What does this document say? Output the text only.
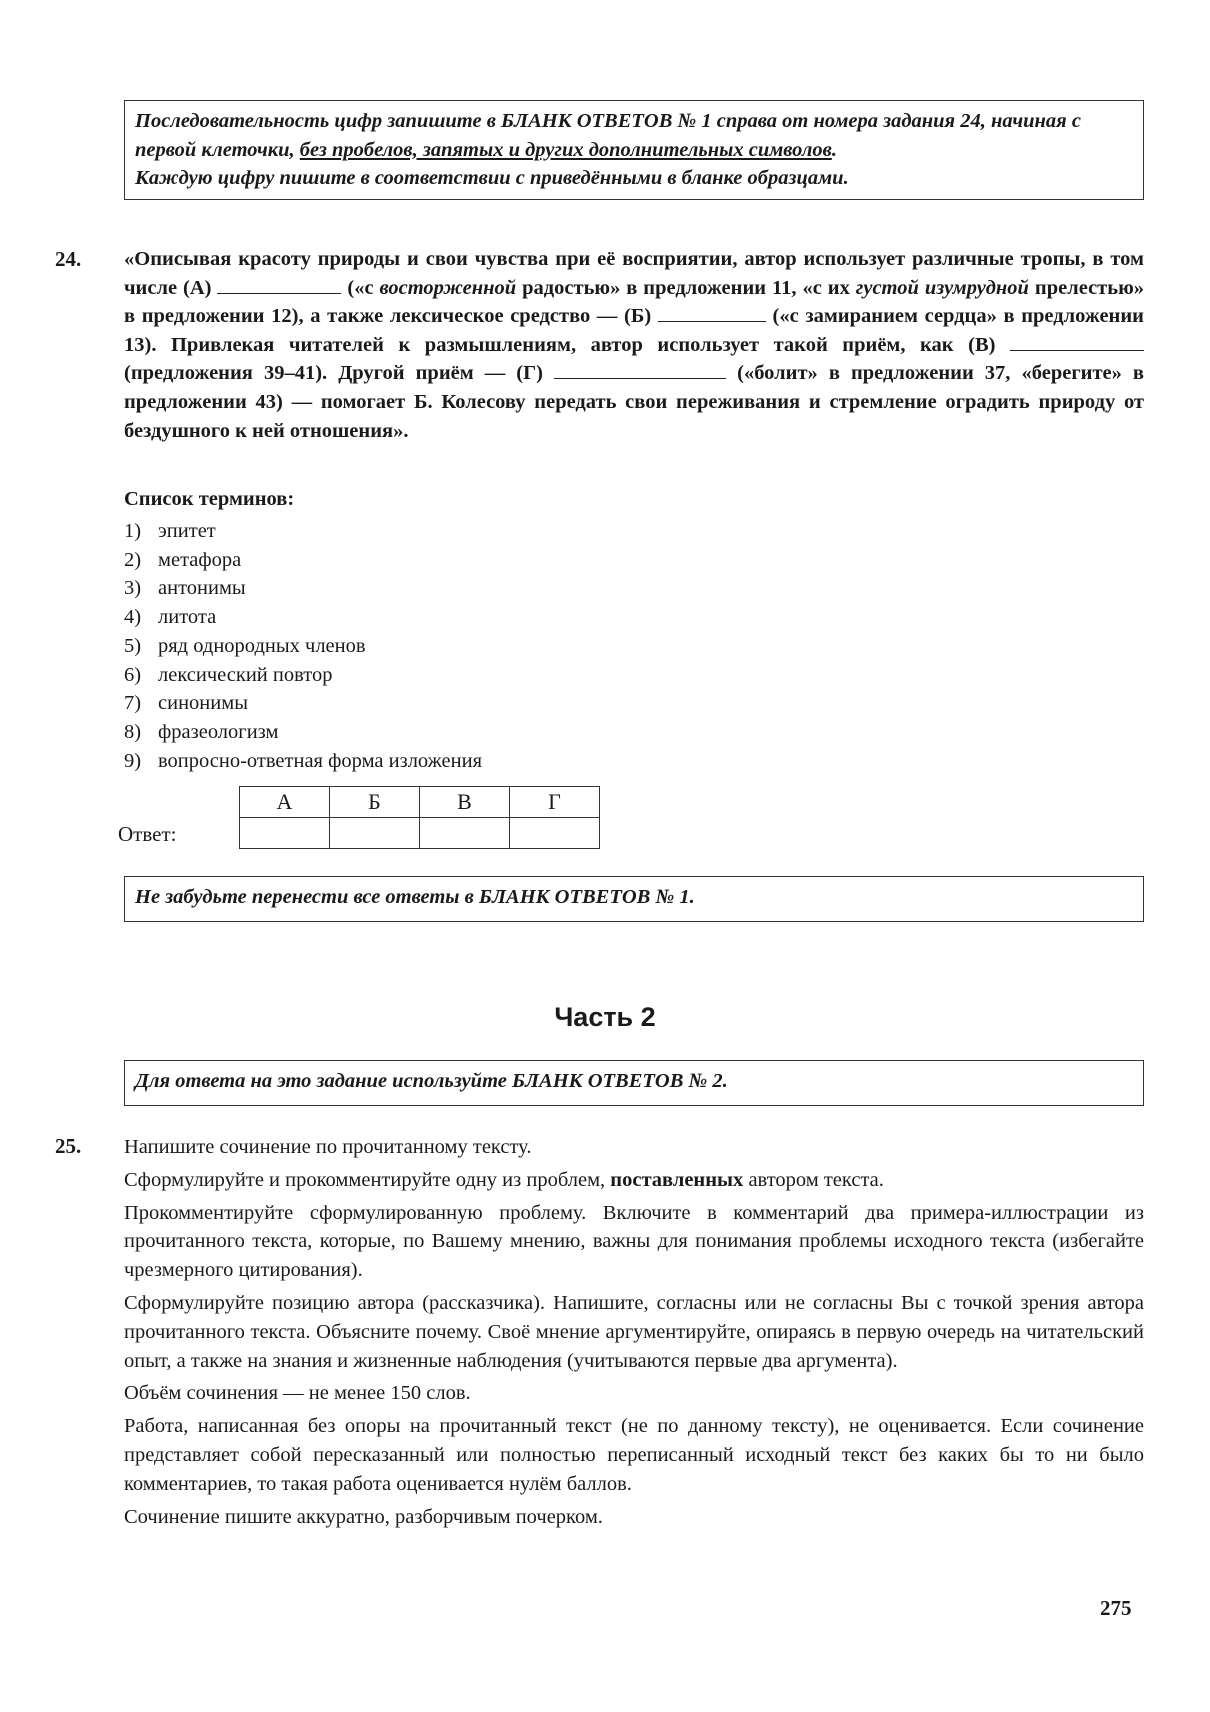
Последовательность цифр запишите в БЛАНК ОТВЕТОВ № 1 справа от номера задания 24, начиная с первой клеточки, без пробелов, запятых и других дополнительных символов.

Каждую цифру пишите в соответствии с приведёнными в бланке образцами.

24. «Описывая красоту природы и свои чувства при её восприятии, автор использует различные тропы, в том числе (А)	(«с восторженной радостью» в предложении 11, «с их густой изумрудной прелестью» в предложении 12), а также лексическое средство — (Б)	(«с замиранием сердца» в предложении 13). Привлекая читателей к размышлениям, автор использует такой приём, как (В)  (предложения 39–41). Другой приём — (Г)	(«болит» в предложении 37, «берегите» в предложении 43) — помогает Б. Колесову передать свои переживания и стремление оградить природу от бездушного к ней отношения».
Список терминов:
1) эпитет
2) метафора
3) антонимы
4) литота
5) ряд однородных членов
6) лексический повтор
7) синонимы
8) фразеологизм
9) вопросно-ответная форма изложения
Ответ:
А	Б	В	Г

Не забудьте перенести все ответы в БЛАНК ОТВЕТОВ № 1.

Часть 2

Для ответа на это задание используйте БЛАНК ОТВЕТОВ № 2.

25. Напишите сочинение по прочитанному тексту.

Сформулируйте и прокомментируйте одну из проблем, поставленных автором текста.

Прокомментируйте сформулированную проблему. Включите в комментарий два примера-иллюстрации из прочитанного текста, которые, по Вашему мнению, важны для понимания проблемы исходного текста (избегайте чрезмерного цитирования).

Сформулируйте позицию автора (рассказчика). Напишите, согласны или не согласны Вы с точкой зрения автора прочитанного текста. Объясните почему. Своё мнение аргументируйте, опираясь в первую очередь на читательский опыт, а также на знания и жизненные наблюдения (учитываются первые два аргумента).

Объём сочинения — не менее 150 слов.

Работа, написанная без опоры на прочитанный текст (не по данному тексту), не оценивается. Если сочинение представляет собой пересказанный или полностью переписанный исходный текст без каких бы то ни было комментариев, то такая работа оценивается нулём баллов.

Сочинение пишите аккуратно, разборчивым почерком.

275
